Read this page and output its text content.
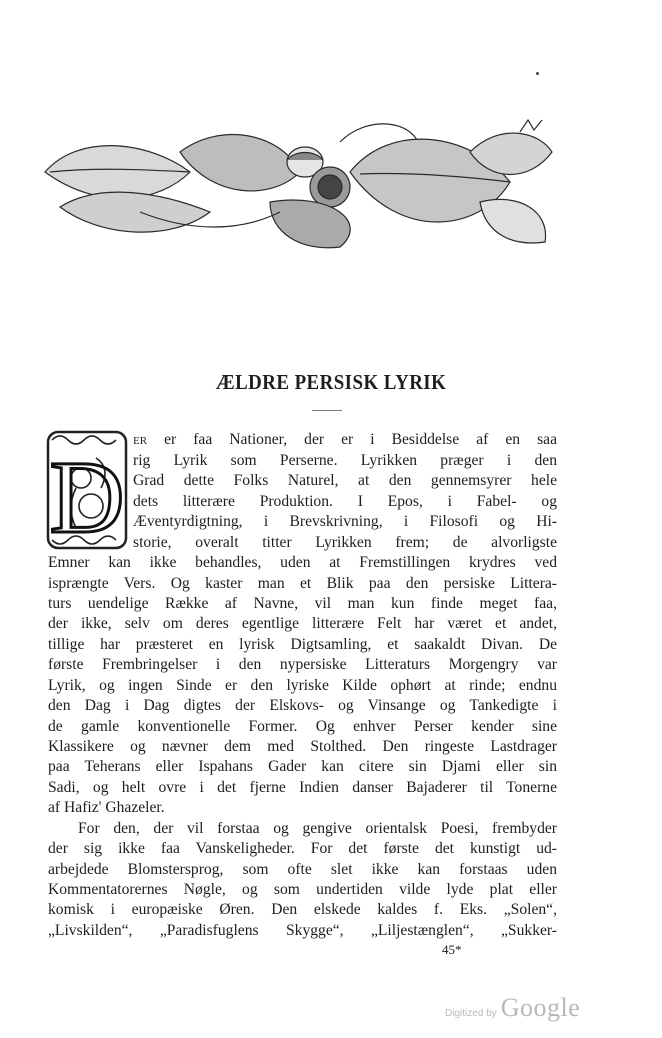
ÆLDRE PERSISK LYRIK
D ER er faa Nationer, der er i Besiddelse af en saa
rig Lyrik som Perserne. Lyrikken præger i den
Grad dette Folks Naturel, at den gennemsyrer hele
dets litterære Produktion. I Epos, i Fabel- og
Æventyrdigtning, i Brevskrivning, i Filosofi og Hi-
storie, overalt titter Lyrikken frem; de alvorligste
Emner kan ikke behandles, uden at Fremstillingen krydres ved
isprængte Vers. Og kaster man et Blik paa den persiske Littera-
turs uendelige Række af Navne, vil man kun finde meget faa,
der ikke, selv om deres egentlige litterære Felt har været et andet,
tillige har præsteret en lyrisk Digtsamling, et saakaldt Divan. De
første Frembringelser i den nypersiske Litteraturs Morgengry var
Lyrik, og ingen Sinde er den lyriske Kilde ophørt at rinde; endnu
den Dag i Dag digtes der Elskovs- og Vinsange og Tankedigte i
de gamle konventionelle Former. Og enhver Perser kender sine
Klassikere og nævner dem med Stolthed. Den ringeste Lastdrager
paa Teherans eller Ispahans Gader kan citere sin Djami eller sin
Sadi, og helt ovre i det fjerne Indien danser Bajaderer til Tonerne
af Hafiz' Ghazeler.
For den, der vil forstaa og gengive orientalsk Poesi, frembyder
der sig ikke faa Vanskeligheder. For det første det kunstigt ud-
arbejdede Blomstersprog, som ofte slet ikke kan forstaas uden
Kommentatorernes Nøgle, og som undertiden vilde lyde plat eller
komisk i europæiske Øren. Den elskede kaldes f. Eks. „Solen“,
„Livskilden“, „Paradisfuglens Skygge“, „Liljestænglen“, „Sukker-
45*
Digitized by Google
